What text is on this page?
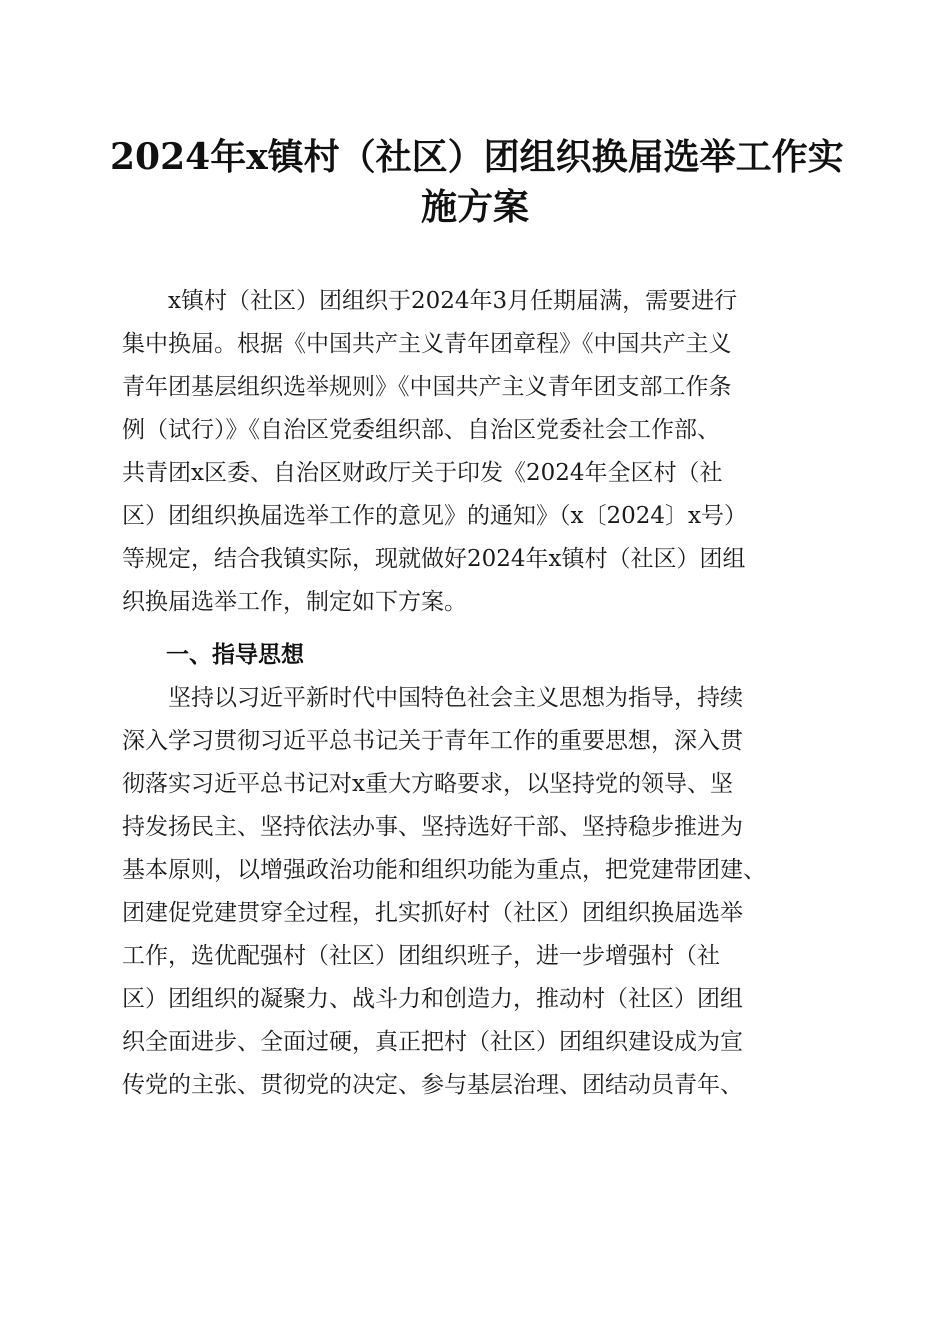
2024年x镇村（社区）团组织换届选举工作实
施方案
x镇村（社区）团组织于2024年3月任期届满，需要进行
集中换届。根据《中国共产主义青年团章程》《中国共产主义
青年团基层组织选举规则》《中国共产主义青年团支部工作条
例（试行）》《自治区党委组织部、自治区党委社会工作部、
共青团x区委、自治区财政厅关于印发《2024年全区村（社
区）团组织换届选举工作的意见》的通知》（x〔2024〕x号）
等规定，结合我镇实际，现就做好2024年x镇村（社区）团组
织换届选举工作，制定如下方案。
一、指导思想
坚持以习近平新时代中国特色社会主义思想为指导，持续
深入学习贯彻习近平总书记关于青年工作的重要思想，深入贯
彻落实习近平总书记对x重大方略要求，以坚持党的领导、坚
持发扬民主、坚持依法办事、坚持选好干部、坚持稳步推进为
基本原则，以增强政治功能和组织功能为重点，把党建带团建、
团建促党建贯穿全过程，扎实抓好村（社区）团组织换届选举
工作，选优配强村（社区）团组织班子，进一步增强村（社
区）团组织的凝聚力、战斗力和创造力，推动村（社区）团组
织全面进步、全面过硬，真正把村（社区）团组织建设成为宣
传党的主张、贯彻党的决定、参与基层治理、团结动员青年、
